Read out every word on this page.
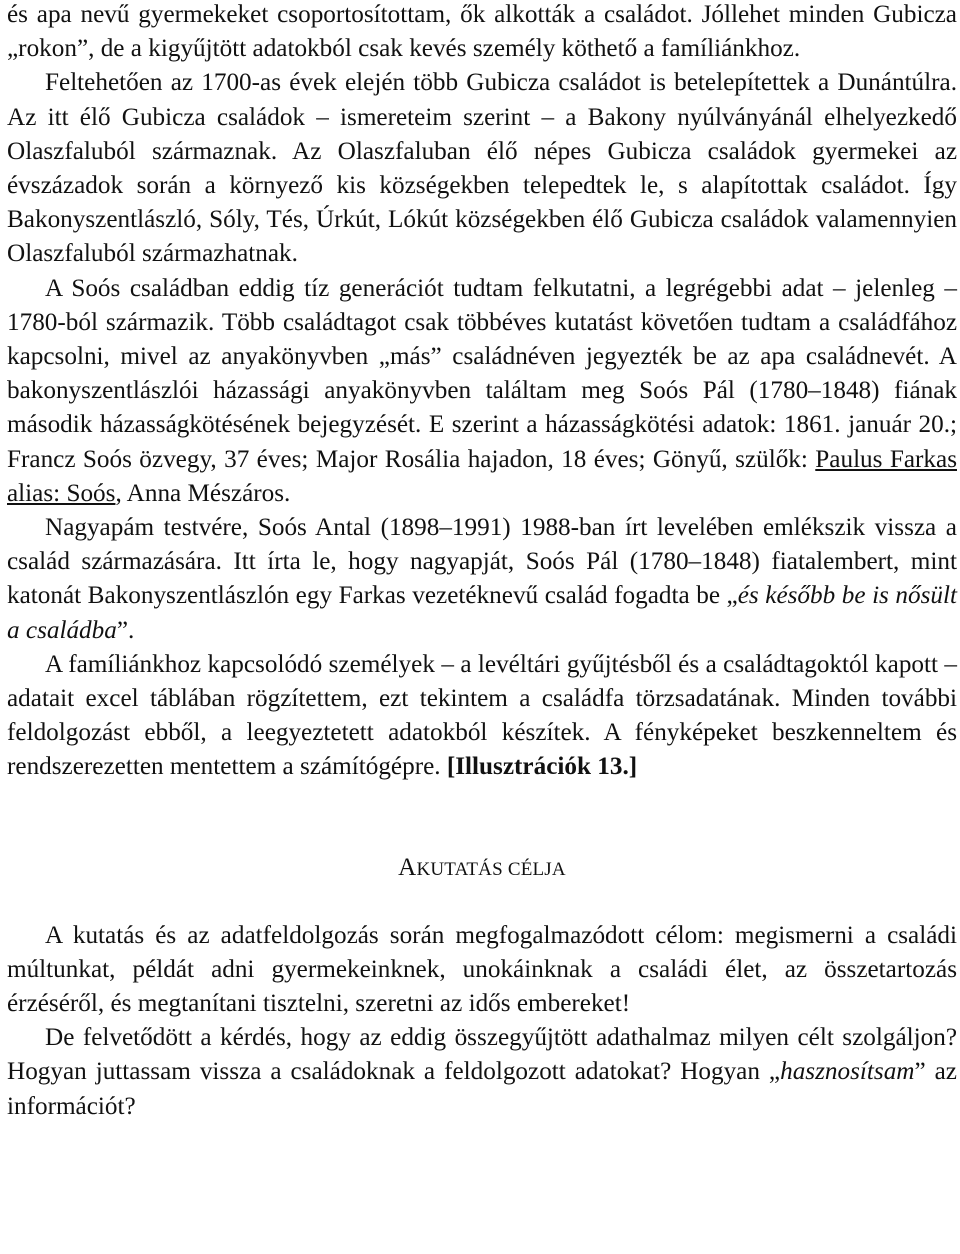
és apa nevű gyermekeket csoportosítottam, ők alkották a családot. Jóllehet minden Gubicza „rokon”, de a kigyűjtött adatokból csak kevés személy köthető a famíliánkhoz.

Feltehetően az 1700-as évek elején több Gubicza családot is betelepítettek a Dunántúlra. Az itt élő Gubicza családok – ismereteim szerint – a Bakony nyúlványánál elhelyezkedő Olaszfaluból származnak. Az Olaszfaluban élő népes Gubicza családok gyermekei az évszázadok során a környező kis községekben telepedtek le, s alapítottak családot. Így Bakonyszentlászló, Sóly, Tés, Úrkút, Lókút községekben élő Gubicza családok valamennyien Olaszfaluból származhatnak.

A Soós családban eddig tíz generációt tudtam felkutatni, a legrégebbi adat – jelenleg – 1780-ból származik. Több családtagot csak többéves kutatást követően tudtam a családfához kapcsolni, mivel az anyakönyvben „más” családnéven jegyezték be az apa családnevét. A bakonyszentlászlói házassági anyakönyvben találtam meg Soós Pál (1780–1848) fiának második házasságkötésének bejegyzését. E szerint a házasságkötési adatok: 1861. január 20.; Francz Soós özvegy, 37 éves; Major Rosália hajadon, 18 éves; Gönyű, szülők: Paulus Farkas alias: Soós, Anna Mészáros.

Nagyapám testvére, Soós Antal (1898–1991) 1988-ban írt levelében emlékszik vissza a család származására. Itt írta le, hogy nagyapját, Soós Pál (1780–1848) fiatalembert, mint katonát Bakonyszentlászlón egy Farkas vezetéknevű család fogadta be „és később be is nősült a családba”.

A famíliánkhoz kapcsolódó személyek – a levéltári gyűjtésből és a családtagoktól kapott – adatait excel táblában rögzítettem, ezt tekintem a családfa törzsadatának. Minden további feldolgozást ebből, a leegyeztetett adatokból készítek. A fényképeket beszkenneltem és rendszerezetten mentettem a számítógépre. [Illusztrációk 13.]

AKUTATÁS CÉLJA

A kutatás és az adatfeldolgozás során megfogalmazódott célom: megismerni a családi múltunkat, példát adni gyermekeinknek, unokáinknak a családi élet, az összetartozás érzéséről, és megtanítani tisztelni, szeretni az idős embereket!

De felvetődött a kérdés, hogy az eddig összegyűjtött adathalmaz milyen célt szolgáljon? Hogyan juttassam vissza a családoknak a feldolgozott adatokat? Hogyan „hasznosítsam” az információt?
